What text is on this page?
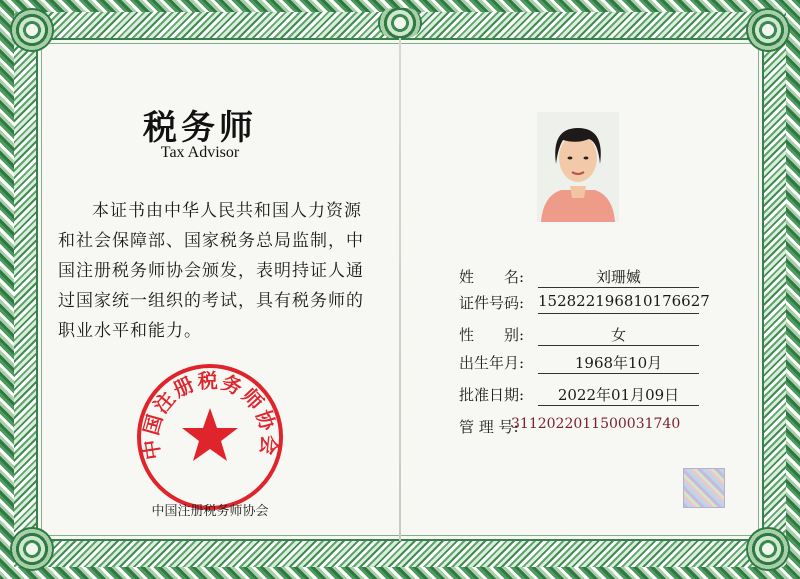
税务师
Tax Advisor
本证书由中华人民共和国人力资源和社会保障部、国家税务总局监制，中国注册税务师协会颁发，表明持证人通过国家统一组织的考试，具有税务师的职业水平和能力。
中国注册税务师协会
中国注册税务师协会
姓　　名:	刘珊媙
证件号码: 152822196810176627
性　　别:	女
出生年月:	1968年10月
批准日期:	2022年01月09日
管 理 号:
3112022011500031740
